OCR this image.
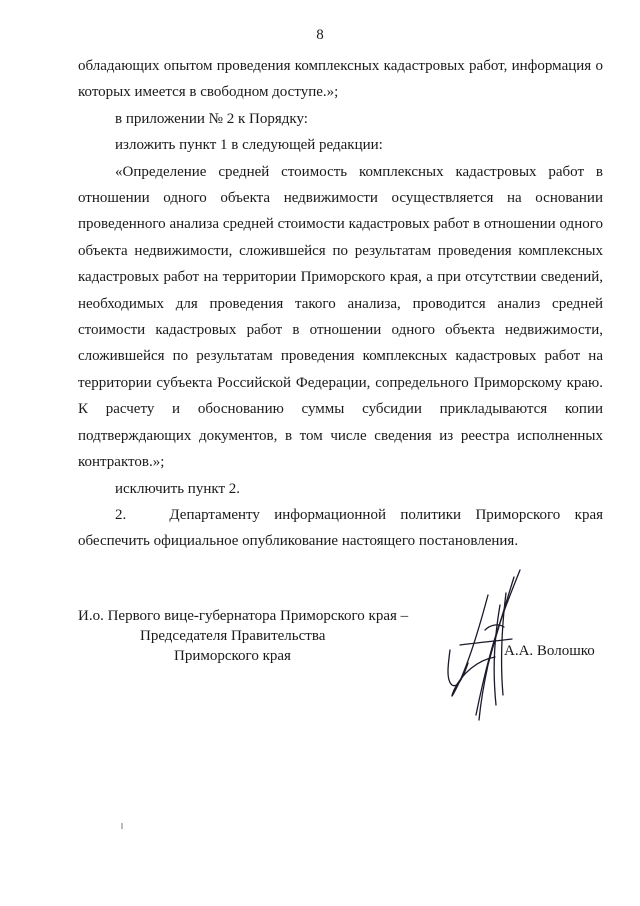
8

обладающих опытом проведения комплексных кадастровых работ, информация о которых имеется в свободном доступе.»;

в приложении № 2 к Порядку:

изложить пункт 1 в следующей редакции:

«Определение средней стоимость комплексных кадастровых работ в отношении одного объекта недвижимости осуществляется на основании проведенного анализа средней стоимости кадастровых работ в отношении одного объекта недвижимости, сложившейся по результатам проведения комплексных кадастровых работ на территории Приморского края, а при отсутствии сведений, необходимых для проведения такого анализа, проводится анализ средней стоимости кадастровых работ в отношении одного объекта недвижимости, сложившейся по результатам проведения комплексных кадастровых работ на территории субъекта Российской Федерации, сопредельного Приморскому краю. К расчету и обоснованию суммы субсидии прикладываются копии подтверждающих документов, в том числе сведения из реестра исполненных контрактов.»;

исключить пункт 2.

2.   Департаменту информационной политики Приморского края обеспечить официальное опубликование настоящего постановления.

И.о. Первого вице-губернатора Приморского края –
Председателя Правительства
Приморского края	А.А. Волошко
